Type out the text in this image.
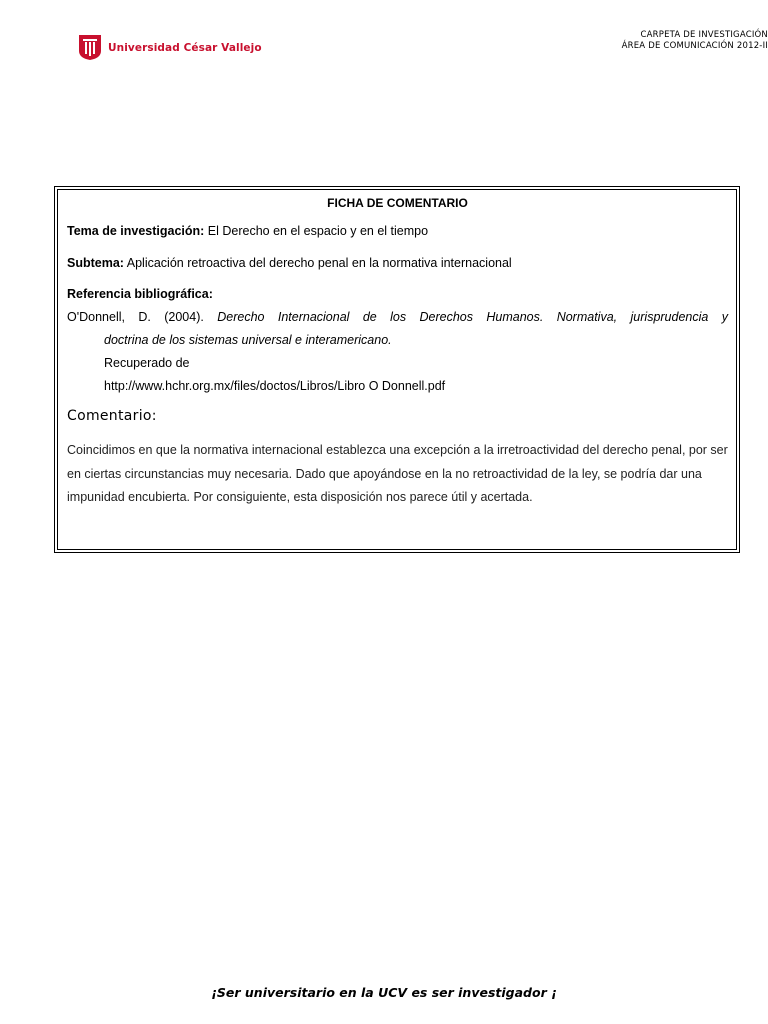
Universidad César Vallejo
CARPETA DE INVESTIGACIÓN
ÁREA DE COMUNICACIÓN 2012-II
FICHA DE COMENTARIO
Tema de investigación: El Derecho en el espacio y en el tiempo
Subtema: Aplicación retroactiva del derecho penal en la normativa internacional
Referencia bibliográfica:
O'Donnell, D. (2004). Derecho Internacional de los Derechos Humanos. Normativa, jurisprudencia y
doctrina de los sistemas universal e interamericano.
Recuperado de
http://www.hchr.org.mx/files/doctos/Libros/Libro O Donnell.pdf
Comentario:
Coincidimos en que la normativa internacional establezca una excepción a la irretroactividad del derecho penal, por ser en ciertas circunstancias muy necesaria. Dado que apoyándose en la no retroactividad de la ley, se podría dar una impunidad encubierta. Por consiguiente, esta disposición nos parece útil y acertada.
¡Ser universitario en la UCV es ser investigador ¡
